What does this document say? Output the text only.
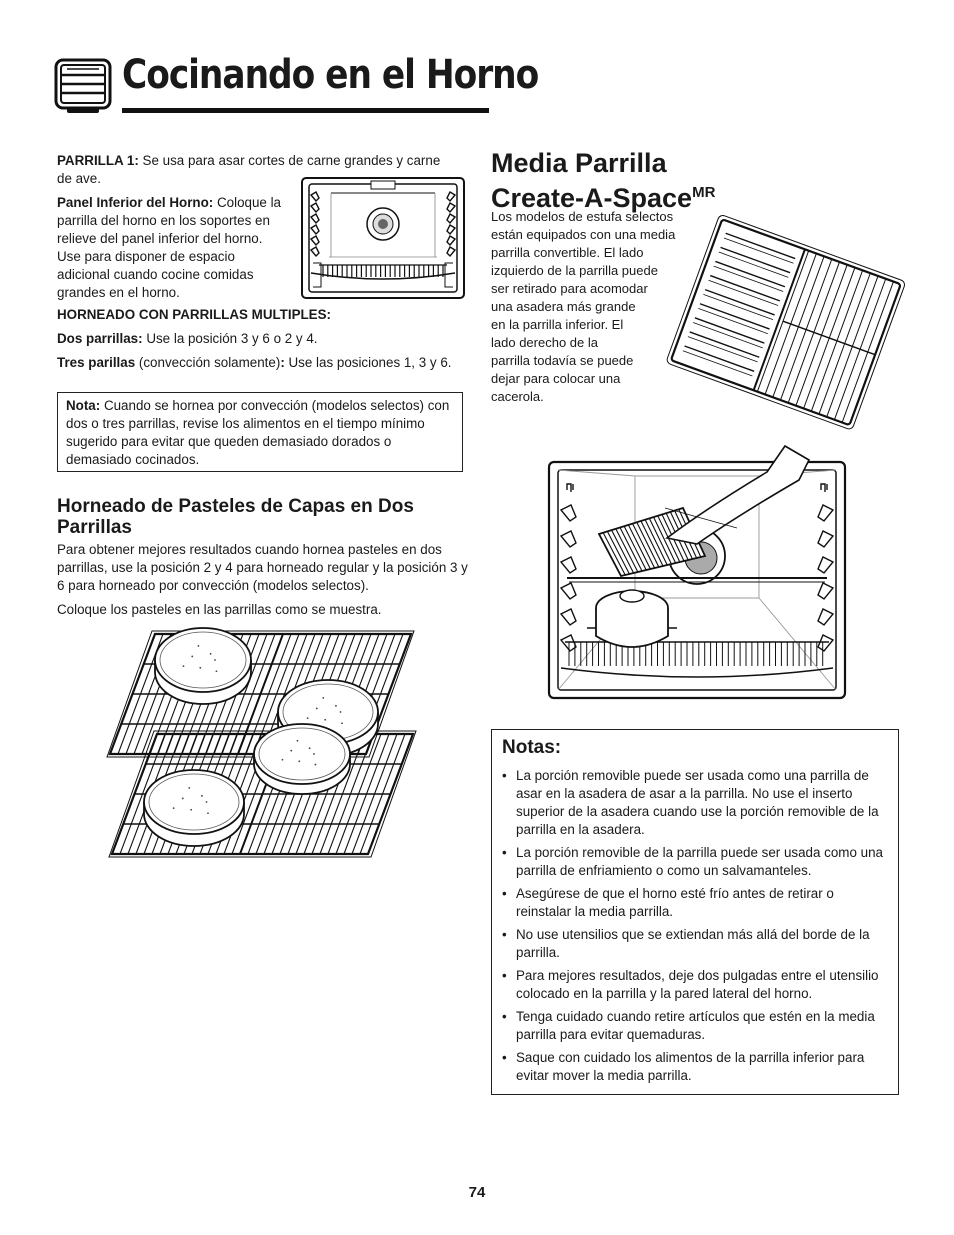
Cocinando en el Horno
PARRILLA 1: Se usa para asar cortes de carne grandes y carne de ave.
Panel Inferior del Horno: Coloque la
parrilla del horno en los soportes en
relieve del panel inferior del horno.
Use para disponer de espacio
adicional cuando cocine comidas
grandes en el horno.
HORNEADO CON PARRILLAS MULTIPLES:
Dos parrillas: Use la posición 3 y 6 o 2 y 4.
Tres parillas (convección solamente): Use las posiciones 1, 3 y 6.
Nota: Cuando se hornea por convección (modelos selectos) con dos o tres parrillas, revise los alimentos en el tiempo mínimo sugerido para evitar que queden demasiado dorados o demasiado cocinados.
Horneado de Pasteles de Capas en Dos Parrillas
Para obtener mejores resultados cuando hornea pasteles en dos parrillas, use la posición 2 y 4 para horneado regular y la posición 3 y 6 para horneado por convección (modelos selectos).
Coloque los pasteles en las parrillas como se muestra.
Media Parrilla
Create-A-Space$^{MR}$
Los modelos de estufa selectos
están equipados con una media
parrilla convertible. El lado
izquierdo de la parrilla puede
ser retirado para acomodar
una asadera más grande
en la parrilla inferior. El
lado derecho de la
parrilla todavía se puede
dejar para colocar una
cacerola.
Notas:
• La porción removible puede ser usada como una parrilla de asar en la asadera de asar a la parrilla. No use el inserto superior de la asadera cuando use la porción removible de la parrilla en la asadera.
• La porción removible de la parrilla puede ser usada como una parrilla de enfriamiento o como un salvamanteles.
• Asegúrese de que el horno esté frío antes de retirar o reinstalar la media parrilla.
• No use utensilios que se extiendan más allá del borde de la parrilla.
• Para mejores resultados, deje dos pulgadas entre el utensilio colocado en la parrilla y la pared lateral del horno.
• Tenga cuidado cuando retire artículos que estén en la media parrilla para evitar quemaduras.
• Saque con cuidado los alimentos de la parrilla inferior para evitar mover la media parrilla.
74
